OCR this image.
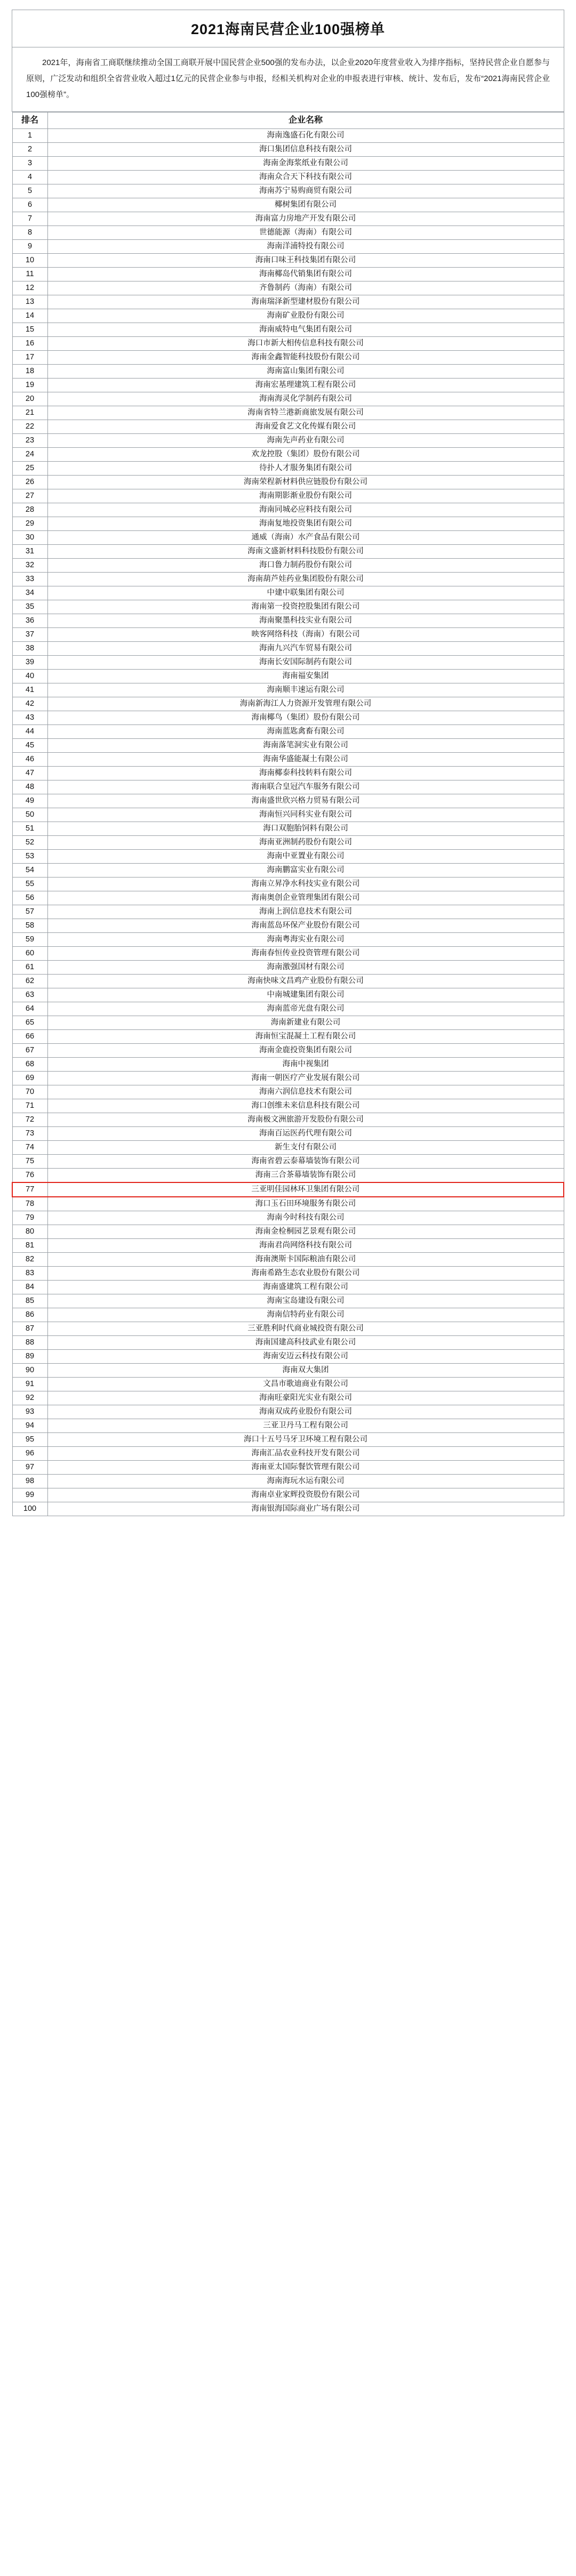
2021海南民营企业100强榜单

2021年，海南省工商联继续推动全国工商联开展中国民营企业500强的发布办法，以企业2020年度营业收入为排序指标，坚持民营企业自愿参与原则，广泛发动和组织全省营业收入超过1亿元的民营企业参与申报，经相关机构对企业的申报表进行审核、统计、发布后，发布“2021海南民营企业100强榜单”。

排名	企业名称
1	海南逸盛石化有限公司
2	海口集团信息科技有限公司
3	海南金海浆纸业有限公司
4	海南众合天下科技有限公司
5	海南苏宁易购商贸有限公司
6	椰树集团有限公司
7	海南富力房地产开发有限公司
8	世德能源（海南）有限公司
9	海南洋浦特投有限公司
10	海南口味王科技集团有限公司
11	海南椰岛代销集团有限公司
12	齐鲁制药（海南）有限公司
13	海南瑞泽新型建材股份有限公司
14	海南矿业股份有限公司
15	海南威特电气集团有限公司
16	海口市新大相传信息科技有限公司
17	海南金鑫智能科技股份有限公司
18	海南富山集团有限公司
19	海南宏基理建筑工程有限公司
20	海南海灵化学制药有限公司
21	海南省特兰港新商旅发展有限公司
22	海南爱食艺文化传媒有限公司
23	海南先声药业有限公司
24	欢龙控股（集团）股份有限公司
25	待扑人才服务集团有限公司
26	海南荣程新材料供应链股份有限公司
27	海南期影渐业股份有限公司
28	海南同城必应料技有限公司
29	海南复地投资集团有限公司
30	通威（海南）水产食品有限公司
31	海南文盛新材料科技股份有限公司
32	海口鲁力制药股份有限公司
33	海南葫芦娃药业集团股份有限公司
34	中建中联集团有限公司
35	海南第一投资控股集团有限公司
36	海南聚墨科技实业有限公司
37	映客网络科技（海南）有限公司
38	海南九兴汽车贸易有限公司
39	海南长安国际制药有限公司
40	海南福安集团
41	海南顺丰速运有限公司
42	海南新海江人力资源开发管理有限公司
43	海南椰鸟（集团）股份有限公司
44	海南蓝匙禽畜有限公司
45	海南落笔洞实业有限公司
46	海南华盛能凝土有限公司
47	海南椰泰科技转料有限公司
48	海南联合皇冠汽车服务有限公司
49	海南盛世欣兴格力贸易有限公司
50	海南恒兴同科实业有限公司
51	海口双胞胎饲料有限公司
52	海南亚洲制药股份有限公司
53	海南中亚置业有限公司
54	海南鹏富实业有限公司
55	海南立昇净水科技实业有限公司
56	海南奥创企业管理集团有限公司
57	海南上润信息技术有限公司
58	海南蓝岛环保产业股份有限公司
59	海南粤海实业有限公司
60	海南春恒传业投资管理有限公司
61	海南激强国材有限公司
62	海南快味文昌鸡产业股份有限公司
63	中南城建集团有限公司
64	海南蓝帝光盘有限公司
65	海南新建业有限公司
66	海南恒宝混凝土工程有限公司
67	海南金鹿投资集团有限公司
68	海南中视集团
69	海南一朝医疗产业发展有限公司
70	海南六润信息技术有限公司
71	海口创维未来信息科技有限公司
72	海南极文洲旅游开发股份有限公司
73	海南百运医药代理有限公司
74	新生支付有限公司
75	海南省碧云泰幕墙装饰有限公司
76	海南三合茶幕墙装饰有限公司
77	三亚明佳园林环卫集团有限公司
78	海口玉石田环境服务有限公司
79	海南今时科技有限公司
80	海南金检桐园艺景观有限公司
81	海南君尚网络科技有限公司
82	海南澳斯卡国际粮油有限公司
83	海南希路生态农业股份有限公司
84	海南盛建筑工程有限公司
85	海南宝岛建设有限公司
86	海南信特药业有限公司
87	三亚胜利时代商业城投资有限公司
88	海南国建高科技武业有限公司
89	海南安迈云科技有限公司
90	海南双大集团
91	文昌市歌迪商业有限公司
92	海南旺豪阳光实业有限公司
93	海南双成药业股份有限公司
94	三亚卫丹马工程有限公司
95	海口十五号马牙卫环境工程有限公司
96	海南汇品农业科技开发有限公司
97	海南亚太国际餐饮管理有限公司
98	海南海玩水运有限公司
99	海南卓业家辉投资股份有限公司
100	海南银海国际商业广场有限公司
